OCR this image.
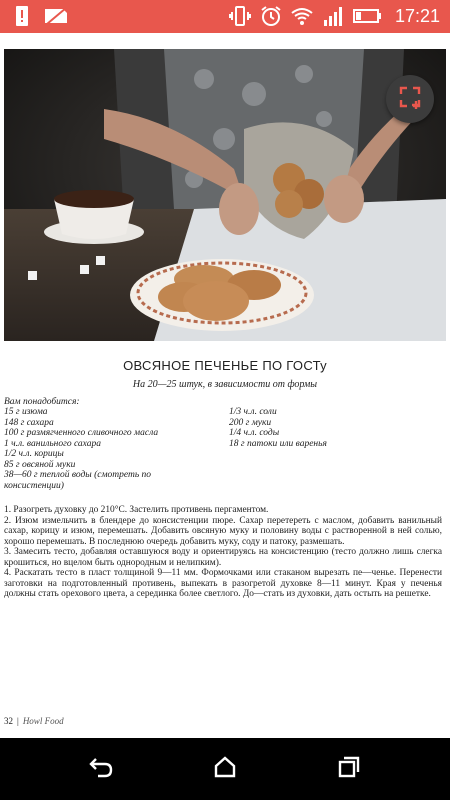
17:21
ОВСЯНОЕ ПЕЧЕНЬЕ ПО ГОСТу
На 20—25 штук, в зависимости от формы
Вам понадобится:
15 г изюма
148 г сахара
100 г размягченного сливочного масла
1 ч.л. ванильного сахара
1/2 ч.л. корицы
85 г овсяной муки
38—60 г теплой воды (смотреть по
консистенции)
1/3 ч.л. соли
200 г муки
1/4 ч.л. соды
18 г патоки или варенья
1. Разогреть духовку до 210°С. Застелить противень пергаментом.
2. Изюм измельчить в блендере до консистенции пюре. Сахар перетереть с маслом, добавить ванильный сахар, корицу и изюм, перемешать. Добавить овсяную муку и половину воды с растворенной в ней солью, хорошо перемешать. В последнюю очередь добавить муку, соду и патоку, размешать.
3. Замесить тесто, добавляя оставшуюся воду и ориентируясь на консистенцию (тесто должно лишь слегка крошиться, но вцелом быть однородным и нелипким).
4. Раскатать тесто в пласт толщиной 9—11 мм. Формочками или стаканом вырезать пе—ченье. Перенести заготовки на подготовленный противень, выпекать в разогретой духовке 8—11 минут. Края у печенья должны стать орехового цвета, а серединка более светлого. До—стать из духовки, дать остыть на решетке.
32 | Howl Food
